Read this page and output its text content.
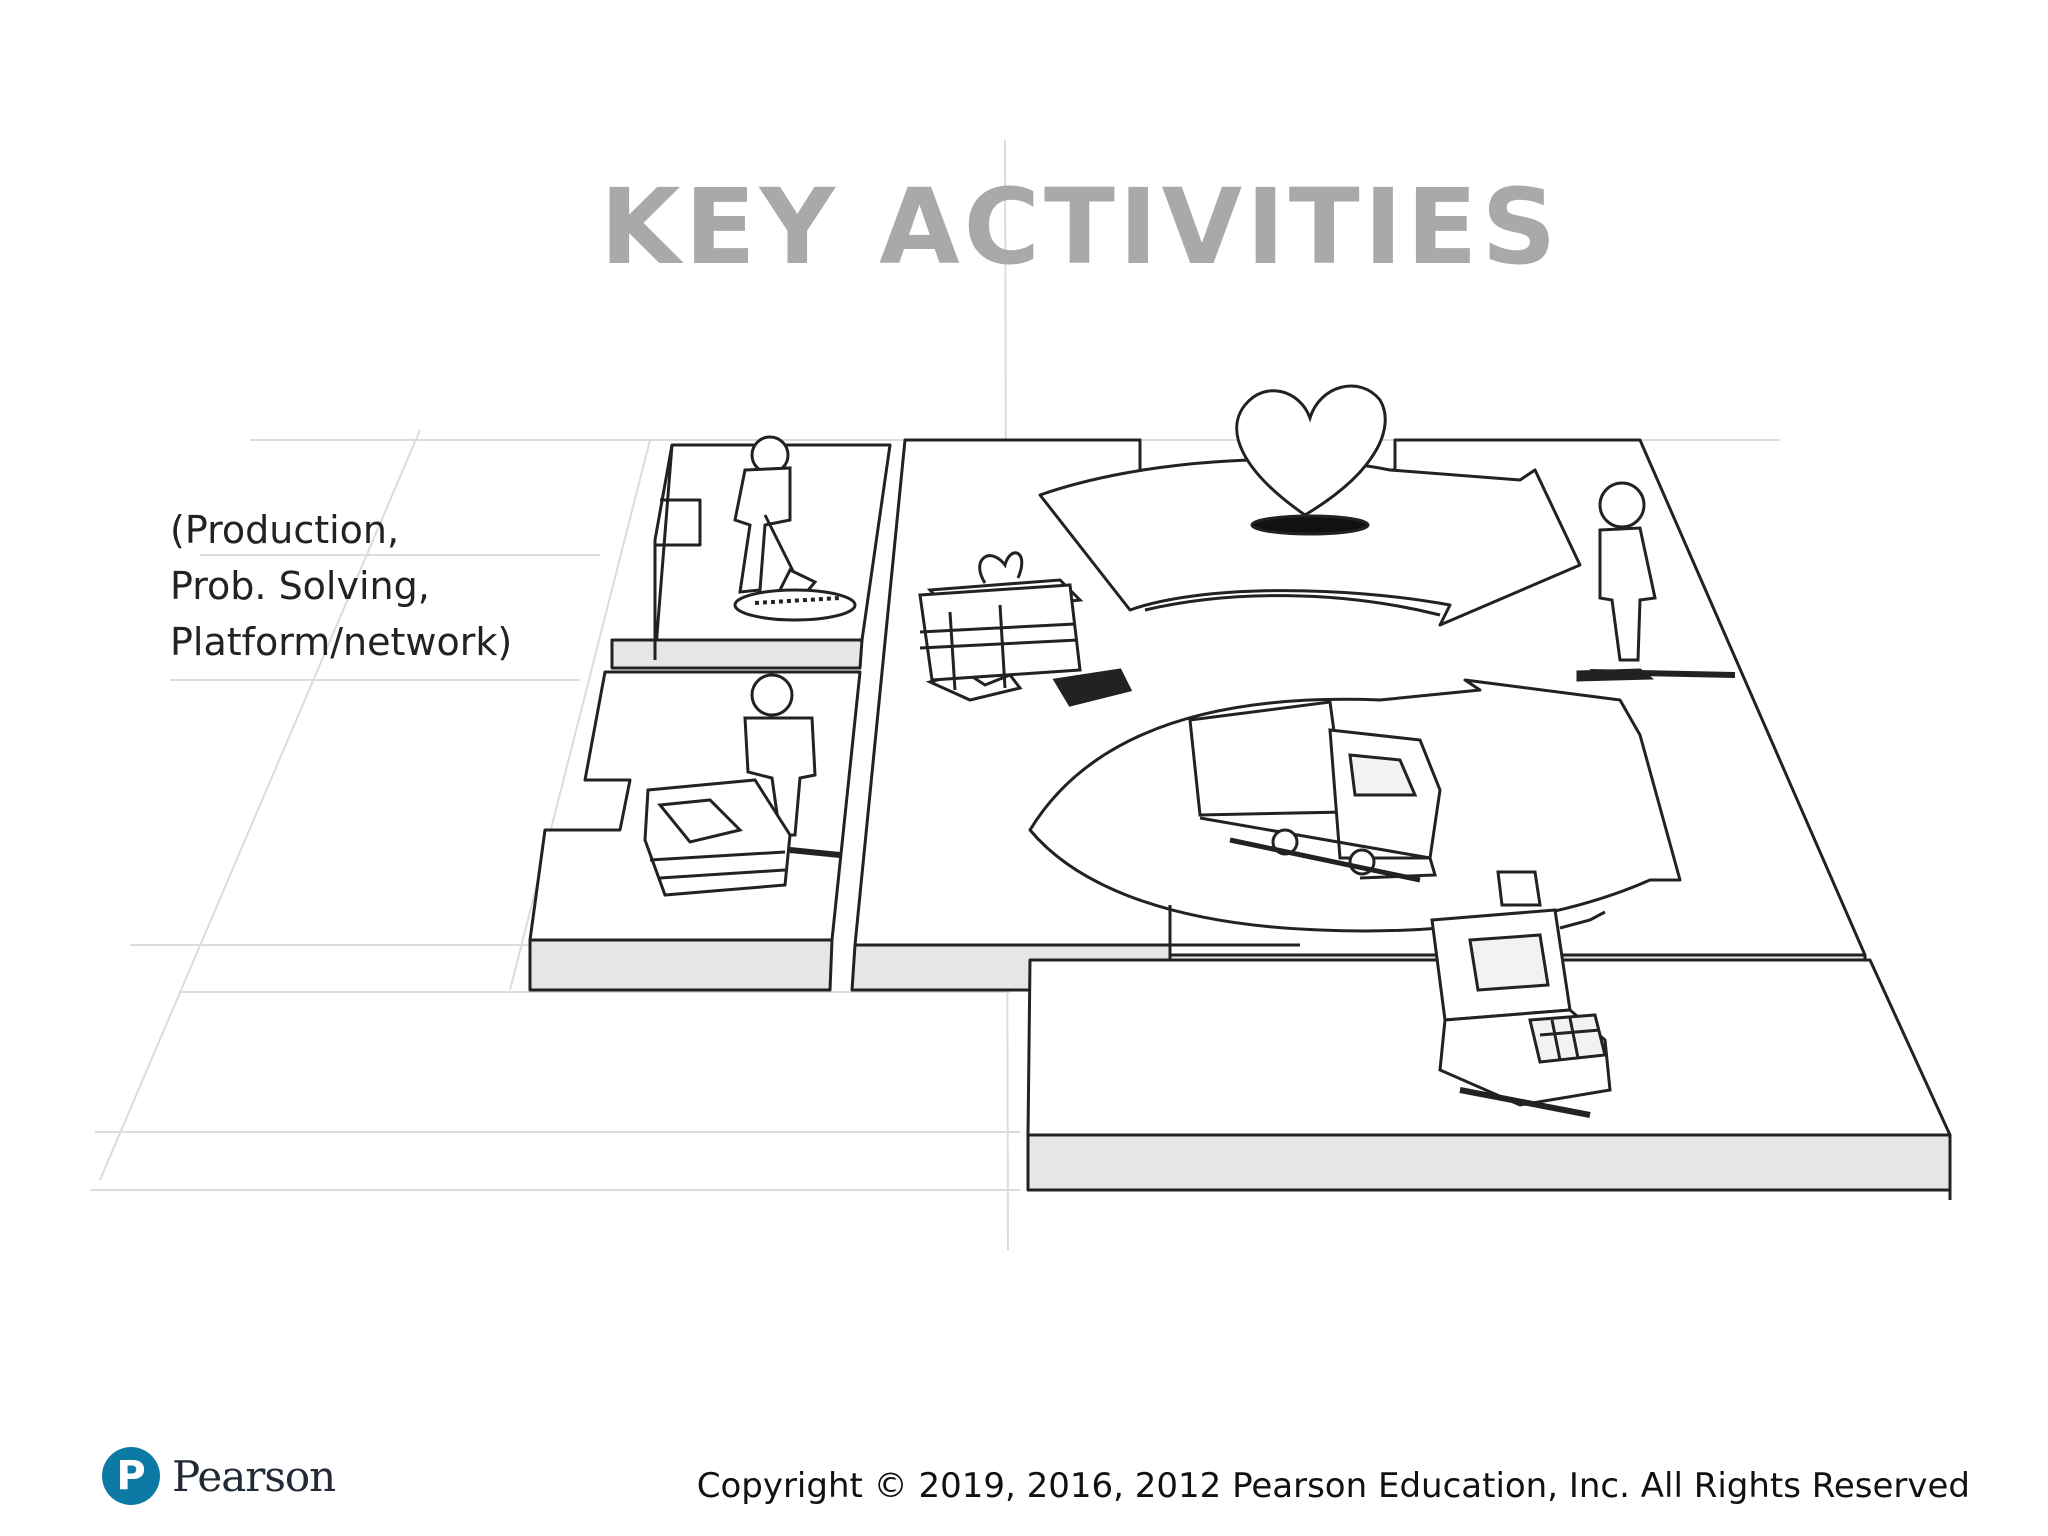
KEY ACTIVITIES
(Production,
Prob. Solving,
Platform/network)
P Pearson	Copyright © 2019, 2016, 2012 Pearson Education, Inc. All Rights Reserved
